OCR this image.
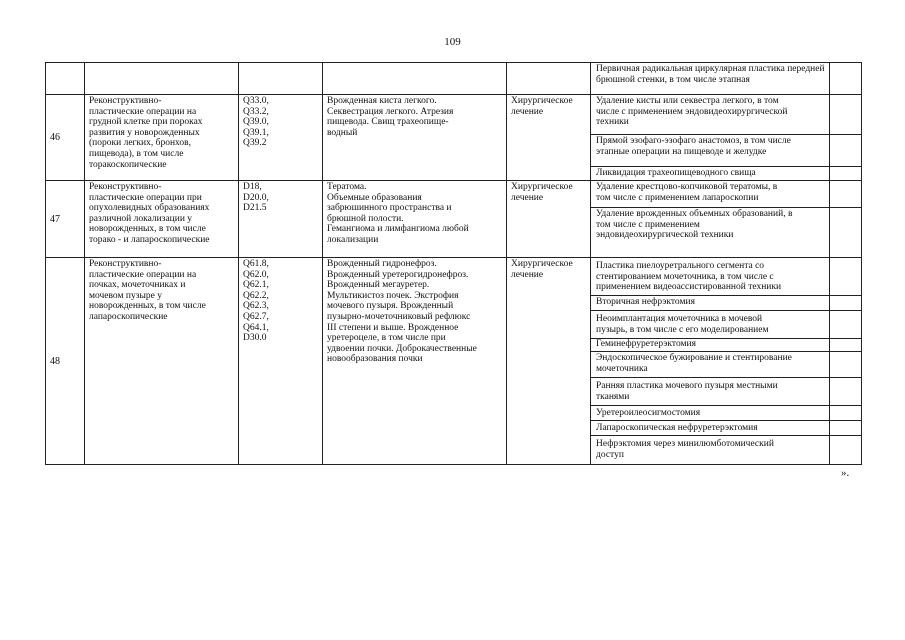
109
Первичная радикальная циркулярная пластика передней брюшной стенки, в том числе этапная
46
Реконструктивно-
пластические операции на
грудной клетке при пороках
развития у новорожденных
(пороки легких, бронхов,
пищевода), в том числе
торакоскопические
Q33.0,
Q33.2,
Q39.0,
Q39.1,
Q39.2
Врожденная киста легкого.
Секвестрация легкого. Атрезия
пищевода. Свищ трахеопище-
водный
Хирургическое
лечение
Удаление кисты или секвестра легкого, в том
числе с применением эндовидеохирургической
техники
Прямой эзофаго-эзофаго анастомоз, в том числе
этапные операции на пищеводе и желудке
Ликвидация трахеопищеводного свища
47
Реконструктивно-
пластические операции при
опухолевидных образованиях
различной локализации у
новорожденных, в том числе
торако - и лапароскопические
D18,
D20.0,
D21.5
Тератома.
Объемные образования
забрюшинного пространства и
брюшной полости.
Гемангиома и лимфангиома любой
локализации
Хирургическое
лечение
Удаление крестцово-копчиковой тератомы, в
том числе с применением лапароскопии
Удаление врожденных объемных образований, в
том числе с применением
эндовидеохирургической техники
48
Реконструктивно-
пластические операции на
почках, мочеточниках и
мочевом пузыре у
новорожденных, в том числе
лапароскопические
Q61.8,
Q62.0,
Q62.1,
Q62.2,
Q62.3,
Q62.7,
Q64.1,
D30.0
Врожденный гидронефроз.
Врожденный уретерогидронефроз.
Врожденный мегауретер.
Мультикистоз почек. Экстрофия
мочевого пузыря. Врожденный
пузырно-мочеточниковый рефлюкс
III степени и выше. Врожденное
уретероцеле, в том числе при
удвоении почки. Доброкачественные
новообразования почки
Хирургическое
лечение
Пластика пиелоуретрального сегмента со
стентированием мочеточника, в том числе с
применением видеоассистированной техники
Вторичная нефрэктомия
Неоимплантация мочеточника в мочевой
пузырь, в том числе с его моделированием
Геминефруретерэктомия
Эндоскопическое бужирование и стентирование
мочеточника
Ранняя пластика мочевого пузыря местными
тканями
Уретероилеосигмостомия
Лапароскопическая нефруретерэктомия
Нефрэктомия через минилюмботомический
доступ
».
